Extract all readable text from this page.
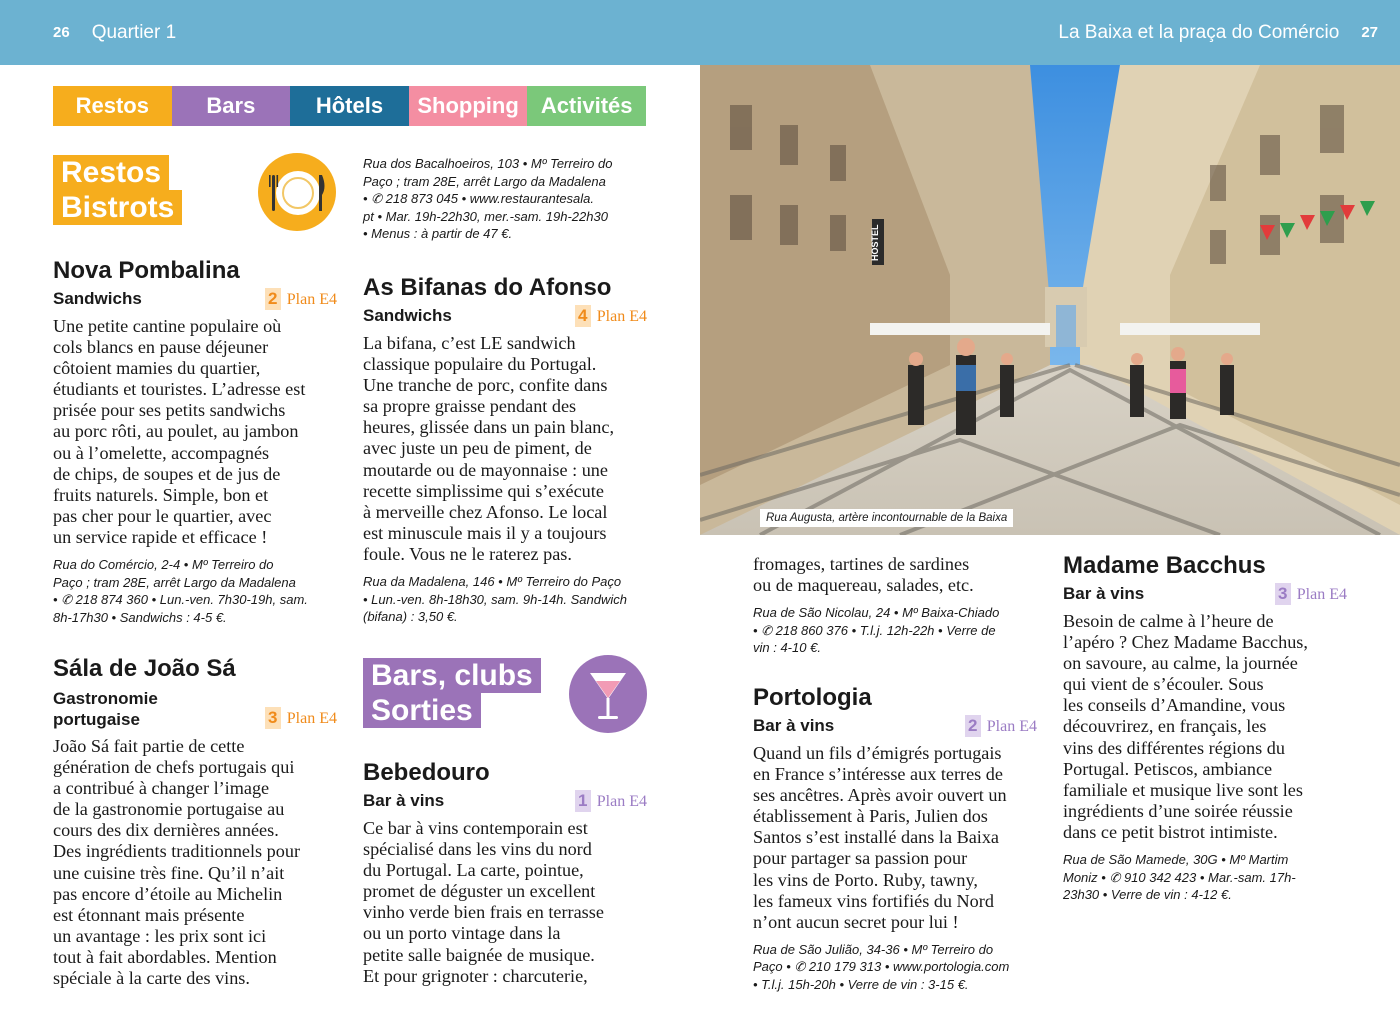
26 Quartier 1	La Baixa et la praça do Comércio 27
Restos	Bars	Hôtels	Shopping	Activités
Restos
Bistrots
Nova Pombalina
Sandwichs	2 Plan E4
Une petite cantine populaire où
cols blancs en pause déjeuner
côtoient mamies du quartier,
étudiants et touristes. L’adresse est
prisée pour ses petits sandwichs
au porc rôti, au poulet, au jambon
ou à l’omelette, accompagnés
de chips, de soupes et de jus de
fruits naturels. Simple, bon et
pas cher pour le quartier, avec
un service rapide et efficace !
Rua do Comércio, 2-4 • Mº Terreiro do
Paço ; tram 28E, arrêt Largo da Madalena
• ✆ 218 874 360 • Lun.-ven. 7h30-19h, sam.
8h-17h30 • Sandwichs : 4-5 €.
Sála de João Sá
Gastronomie
portugaise	3 Plan E4
João Sá fait partie de cette
génération de chefs portugais qui
a contribué à changer l’image
de la gastronomie portugaise au
cours des dix dernières années.
Des ingrédients traditionnels pour
une cuisine très fine. Qu’il n’ait
pas encore d’étoile au Michelin
est étonnant mais présente
un avantage : les prix sont ici
tout à fait abordables. Mention
spéciale à la carte des vins.
Rua dos Bacalhoeiros, 103 • Mº Terreiro do
Paço ; tram 28E, arrêt Largo da Madalena
• ✆ 218 873 045 • www.restaurantesala.
pt • Mar. 19h-22h30, mer.-sam. 19h-22h30
• Menus : à partir de 47 €.
As Bifanas do Afonso
Sandwichs	4 Plan E4
La bifana, c’est LE sandwich
classique populaire du Portugal.
Une tranche de porc, confite dans
sa propre graisse pendant des
heures, glissée dans un pain blanc,
avec juste un peu de piment, de
moutarde ou de mayonnaise : une
recette simplissime qui s’exécute
à merveille chez Afonso. Le local
est minuscule mais il y a toujours
foule. Vous ne le raterez pas.
Rua da Madalena, 146 • Mº Terreiro do Paço
• Lun.-ven. 8h-18h30, sam. 9h-14h. Sandwich
(bifana) : 3,50 €.
Bars, clubs
Sorties
Bebedouro
Bar à vins	1 Plan E4
Ce bar à vins contemporain est
spécialisé dans les vins du nord
du Portugal. La carte, pointue,
promet de déguster un excellent
vinho verde bien frais en terrasse
ou un porto vintage dans la
petite salle baignée de musique.
Et pour grignoter : charcuterie,
HOSTEL
Rua Augusta, artère incontournable de la Baixa
fromages, tartines de sardines
ou de maquereau, salades, etc.
Rua de São Nicolau, 24 • Mº Baixa-Chiado
• ✆ 218 860 376 • T.l.j. 12h-22h • Verre de
vin : 4-10 €.
Portologia
Bar à vins	2 Plan E4
Quand un fils d’émigrés portugais
en France s’intéresse aux terres de
ses ancêtres. Après avoir ouvert un
établissement à Paris, Julien dos
Santos s’est installé dans la Baixa
pour partager sa passion pour
les vins de Porto. Ruby, tawny,
les fameux vins fortifiés du Nord
n’ont aucun secret pour lui !
Rua de São Julião, 34-36 • Mº Terreiro do
Paço • ✆ 210 179 313 • www.portologia.com
• T.l.j. 15h-20h • Verre de vin : 3-15 €.
Madame Bacchus
Bar à vins	3 Plan E4
Besoin de calme à l’heure de
l’apéro ? Chez Madame Bacchus,
on savoure, au calme, la journée
qui vient de s’écouler. Sous
les conseils d’Amandine, vous
découvrirez, en français, les
vins des différentes régions du
Portugal. Petiscos, ambiance
familiale et musique live sont les
ingrédients d’une soirée réussie
dans ce petit bistrot intimiste.
Rua de São Mamede, 30G • Mº Martim
Moniz • ✆ 910 342 423 • Mar.-sam. 17h-
23h30 • Verre de vin : 4-12 €.
